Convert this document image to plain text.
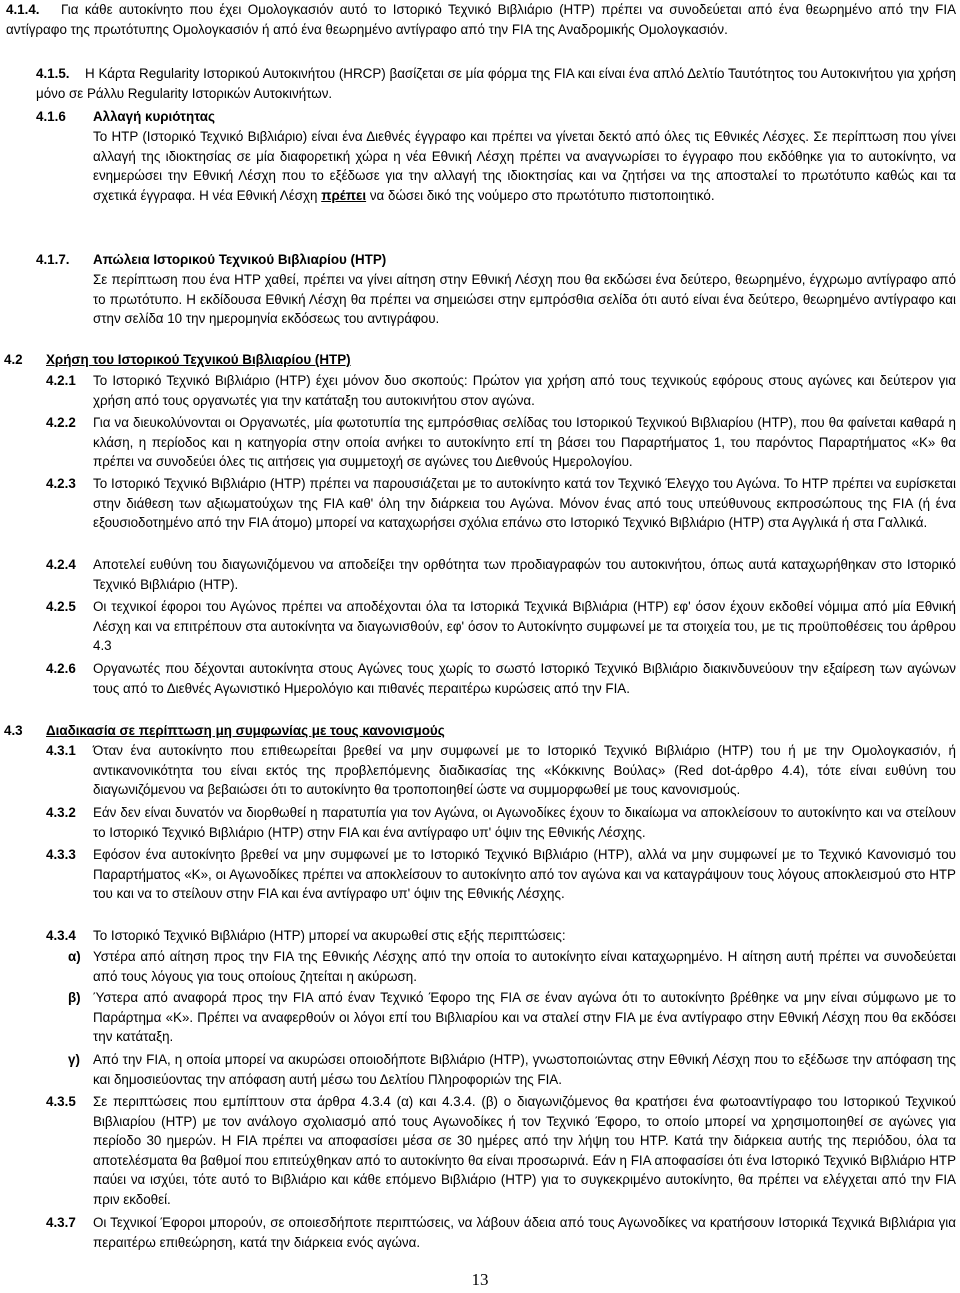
4.1.4.	Για κάθε αυτοκίνητο που έχει Ομολογκασιόν αυτό το Ιστορικό Τεχνικό Βιβλιάριο (HTP) πρέπει να συνοδεύεται από ένα θεωρημένο από την FIA αντίγραφο της πρωτότυπης Ομολογκασιόν ή από ένα θεωρημένο αντίγραφο από την FIA της Αναδρομικής Ομολογκασιόν.
4.1.5.	Η Κάρτα Regularity Ιστορικού Αυτοκινήτου (HRCP) βασίζεται σε μία φόρμα της FIA και είναι ένα απλό Δελτίο Ταυτότητος του Αυτοκινήτου για χρήση μόνο σε Ράλλυ Regularity Ιστορικών Αυτοκινήτων.
4.1.6 Αλλαγή κυριότητας
Το HTP (Ιστορικό Τεχνικό Βιβλιάριο) είναι ένα Διεθνές έγγραφο και πρέπει να γίνεται δεκτό από όλες τις Εθνικές Λέσχες. Σε περίπτωση που γίνει αλλαγή της ιδιοκτησίας σε μία διαφορετική χώρα η νέα Εθνική Λέσχη πρέπει να αναγνωρίσει το έγγραφο που εκδόθηκε για το αυτοκίνητο, να ενημερώσει την Εθνική Λέσχη που το εξέδωσε για την αλλαγή της ιδιοκτησίας και να ζητήσει να της αποσταλεί το πρωτότυπο καθώς και τα σχετικά έγγραφα. Η νέα Εθνική Λέσχη πρέπει να δώσει δικό της νούμερο στο πρωτότυπο πιστοποιητικό.
4.1.7. Απώλεια Ιστορικού Τεχνικού Βιβλιαρίου (HTP)
Σε περίπτωση που ένα HTP χαθεί, πρέπει να γίνει αίτηση στην Εθνική Λέσχη που θα εκδώσει ένα δεύτερο, θεωρημένο, έγχρωμο αντίγραφο από το πρωτότυπο. Η εκδίδουσα Εθνική Λέσχη θα πρέπει να σημειώσει στην εμπρόσθια σελίδα ότι αυτό είναι ένα δεύτερο, θεωρημένο αντίγραφο και στην σελίδα 10 την ημερομηνία εκδόσεως του αντιγράφου.
4.2 Χρήση του Ιστορικού Τεχνικού Βιβλιαρίου (HTP)
4.2.1 Το Ιστορικό Τεχνικό Βιβλιάριο (HTP) έχει μόνον δυο σκοπούς: Πρώτον για χρήση από τους τεχνικούς εφόρους στους αγώνες και δεύτερον για χρήση από τους οργανωτές για την κατάταξη του αυτοκινήτου στον αγώνα.
4.2.2 Για να διευκολύνονται οι Οργανωτές, μία φωτοτυπία της εμπρόσθιας σελίδας του Ιστορικού Τεχνικού Βιβλιαρίου (HTP), που θα φαίνεται καθαρά η κλάση, η περίοδος και η κατηγορία στην οποία ανήκει το αυτοκίνητο επί τη βάσει του Παραρτήματος 1, του παρόντος Παραρτήματος «Κ» θα πρέπει να συνοδεύει όλες τις αιτήσεις για συμμετοχή σε αγώνες του Διεθνούς Ημερολογίου.
4.2.3 Το Ιστορικό Τεχνικό Βιβλιάριο (HTP) πρέπει να παρουσιάζεται με το αυτοκίνητο κατά τον Τεχνικό Έλεγχο του Αγώνα. Το HTP πρέπει να ευρίσκεται στην διάθεση των αξιωματούχων της FIA καθ' όλη την διάρκεια του Αγώνα. Μόνον ένας από τους υπεύθυνους εκπροσώπους της FIA (ή ένα εξουσιοδοτημένο από την FIA άτομο) μπορεί να καταχωρήσει σχόλια επάνω στο Ιστορικό Τεχνικό Βιβλιάριο (HTP) στα Αγγλικά ή στα Γαλλικά.
4.2.4 Αποτελεί ευθύνη του διαγωνιζόμενου να αποδείξει την ορθότητα των προδιαγραφών του αυτοκινήτου, όπως αυτά καταχωρήθηκαν στο Ιστορικό Τεχνικό Βιβλιάριο (HTP).
4.2.5 Οι τεχνικοί έφοροι του Αγώνος πρέπει να αποδέχονται όλα τα Ιστορικά Τεχνικά Βιβλιάρια (HTP) εφ' όσον έχουν εκδοθεί νόμιμα από μία Εθνική Λέσχη και να επιτρέπουν στα αυτοκίνητα να διαγωνισθούν, εφ' όσον το Αυτοκίνητο συμφωνεί με τα στοιχεία του, με τις προϋποθέσεις του άρθρου 4.3
4.2.6 Οργανωτές που δέχονται αυτοκίνητα στους Αγώνες τους χωρίς το σωστό Ιστορικό Τεχνικό Βιβλιάριο διακινδυνεύουν την εξαίρεση των αγώνων τους από το Διεθνές Αγωνιστικό Ημερολόγιο και πιθανές περαιτέρω κυρώσεις από την FIA.
4.3 Διαδικασία σε περίπτωση μη συμφωνίας με τους κανονισμούς
4.3.1 Όταν ένα αυτοκίνητο που επιθεωρείται βρεθεί να μην συμφωνεί με το Ιστορικό Τεχνικό Βιβλιάριο (HTP) του ή με την Ομολογκασιόν, ή αντικανονικότητα του είναι εκτός της προβλεπόμενης διαδικασίας της «Κόκκινης Βούλας» (Red dot-άρθρο 4.4), τότε είναι ευθύνη του διαγωνιζόμενου να βεβαιώσει ότι το αυτοκίνητο θα τροποποιηθεί ώστε να συμμορφωθεί με τους κανονισμούς.
4.3.2 Εάν δεν είναι δυνατόν να διορθωθεί η παρατυπία για τον Αγώνα, οι Αγωνοδίκες έχουν το δικαίωμα να αποκλείσουν το αυτοκίνητο και να στείλουν το Ιστορικό Τεχνικό Βιβλιάριο (HTP) στην FIA και ένα αντίγραφο υπ' όψιν της Εθνικής Λέσχης.
4.3.3 Εφόσον ένα αυτοκίνητο βρεθεί να μην συμφωνεί με το Ιστορικό Τεχνικό Βιβλιάριο (HTP), αλλά να μην συμφωνεί με το Τεχνικό Κανονισμό του Παραρτήματος «Κ», οι Αγωνοδίκες πρέπει να αποκλείσουν το αυτοκίνητο από τον αγώνα και να καταγράψουν τους λόγους αποκλεισμού στο HTP του και να το στείλουν στην FIA και ένα αντίγραφο υπ' όψιν της Εθνικής Λέσχης.
4.3.4 Το Ιστορικό Τεχνικό Βιβλιάριο (HTP) μπορεί να ακυρωθεί στις εξής περιπτώσεις:
α) Υστέρα από αίτηση προς την FIA της Εθνικής Λέσχης από την οποία το αυτοκίνητο είναι καταχωρημένο. Η αίτηση αυτή πρέπει να συνοδεύεται από τους λόγους για τους οποίους ζητείται η ακύρωση.
β) Ύστερα από αναφορά προς την FIA από έναν Τεχνικό Έφορο της FIA σε έναν αγώνα ότι το αυτοκίνητο βρέθηκε να μην είναι σύμφωνο με το Παράρτημα «Κ». Πρέπει να αναφερθούν οι λόγοι επί του Βιβλιαρίου και να σταλεί στην FIA με ένα αντίγραφο στην Εθνική Λέσχη που θα εκδόσει την κατάταξη.
γ) Από την FIA, η οποία μπορεί να ακυρώσει οποιοδήποτε Βιβλιάριο (HTP), γνωστοποιώντας στην Εθνική Λέσχη που το εξέδωσε την απόφαση της και δημοσιεύοντας την απόφαση αυτή μέσω του Δελτίου Πληροφοριών της FIA.
4.3.5 Σε περιπτώσεις που εμπίπτουν στα άρθρα 4.3.4 (α) και 4.3.4. (β) ο διαγωνιζόμενος θα κρατήσει ένα φωτοαντίγραφο του Ιστορικού Τεχνικού Βιβλιαρίου (HTP) με τον ανάλογο σχολιασμό από τους Αγωνοδίκες ή τον Τεχνικό Έφορο, το οποίο μπορεί να χρησιμοποιηθεί σε αγώνες για περίοδο 30 ημερών. Η FIA πρέπει να αποφασίσει μέσα σε 30 ημέρες από την λήψη του HTP. Κατά την διάρκεια αυτής της περιόδου, όλα τα αποτελέσματα θα βαθμοί που επιτεύχθηκαν από το αυτοκίνητο θα είναι προσωρινά. Εάν η FIA αποφασίσει ότι ένα Ιστορικό Τεχνικό Βιβλιάριο HTP παύει να ισχύει, τότε αυτό το Βιβλιάριο και κάθε επόμενο Βιβλιάριο (HTP) για το συγκεκριμένο αυτοκίνητο, θα πρέπει να ελέγχεται από την FIA πριν εκδοθεί.
4.3.7 Οι Τεχνικοί Έφοροι μπορούν, σε οποιεσδήποτε περιπτώσεις, να λάβουν άδεια από τους Αγωνοδίκες να κρατήσουν Ιστορικά Τεχνικά Βιβλιάρια για περαιτέρω επιθεώρηση, κατά την διάρκεια ενός αγώνα.
13
